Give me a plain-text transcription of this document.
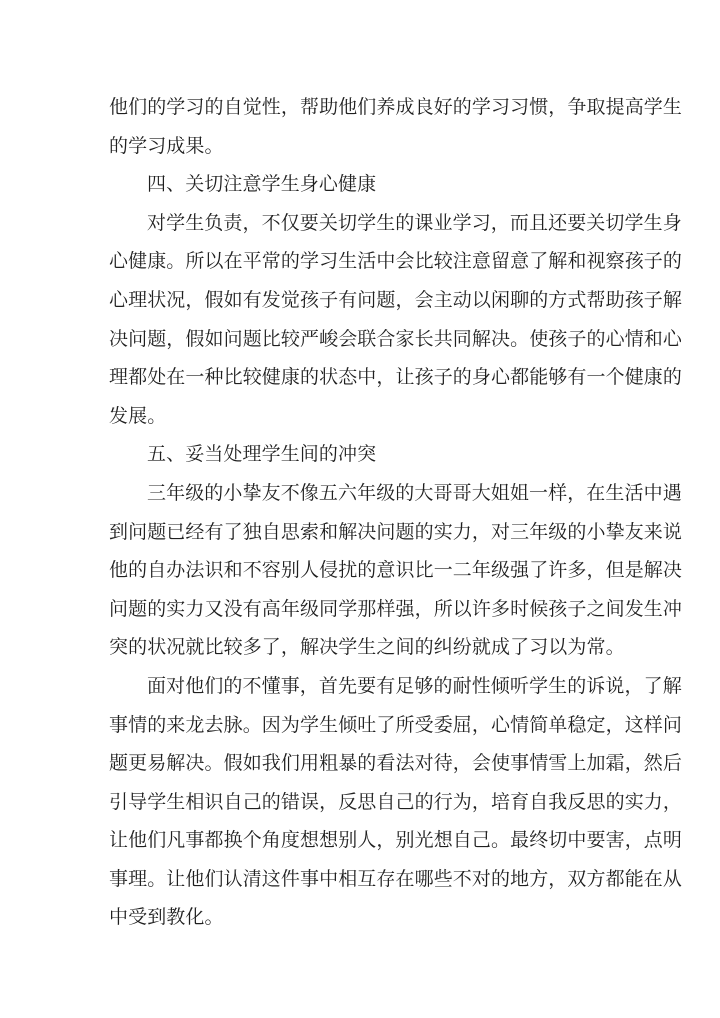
他们的学习的自觉性，帮助他们养成良好的学习习惯，争取提高学生
的学习成果。
四、关切注意学生身心健康
对学生负责，不仅要关切学生的课业学习，而且还要关切学生身
心健康。所以在平常的学习生活中会比较注意留意了解和视察孩子的
心理状况，假如有发觉孩子有问题，会主动以闲聊的方式帮助孩子解
决问题，假如问题比较严峻会联合家长共同解决。使孩子的心情和心
理都处在一种比较健康的状态中，让孩子的身心都能够有一个健康的
发展。
五、妥当处理学生间的冲突
三年级的小挚友不像五六年级的大哥哥大姐姐一样，在生活中遇
到问题已经有了独自思索和解决问题的实力，对三年级的小挚友来说
他的自办法识和不容别人侵扰的意识比一二年级强了许多，但是解决
问题的实力又没有高年级同学那样强，所以许多时候孩子之间发生冲
突的状况就比较多了，解决学生之间的纠纷就成了习以为常。
面对他们的不懂事，首先要有足够的耐性倾听学生的诉说，了解
事情的来龙去脉。因为学生倾吐了所受委屈，心情简单稳定，这样问
题更易解决。假如我们用粗暴的看法对待，会使事情雪上加霜，然后
引导学生相识自己的错误，反思自己的行为，培育自我反思的实力，
让他们凡事都换个角度想想别人，别光想自己。最终切中要害，点明
事理。让他们认清这件事中相互存在哪些不对的地方，双方都能在从
中受到教化。
